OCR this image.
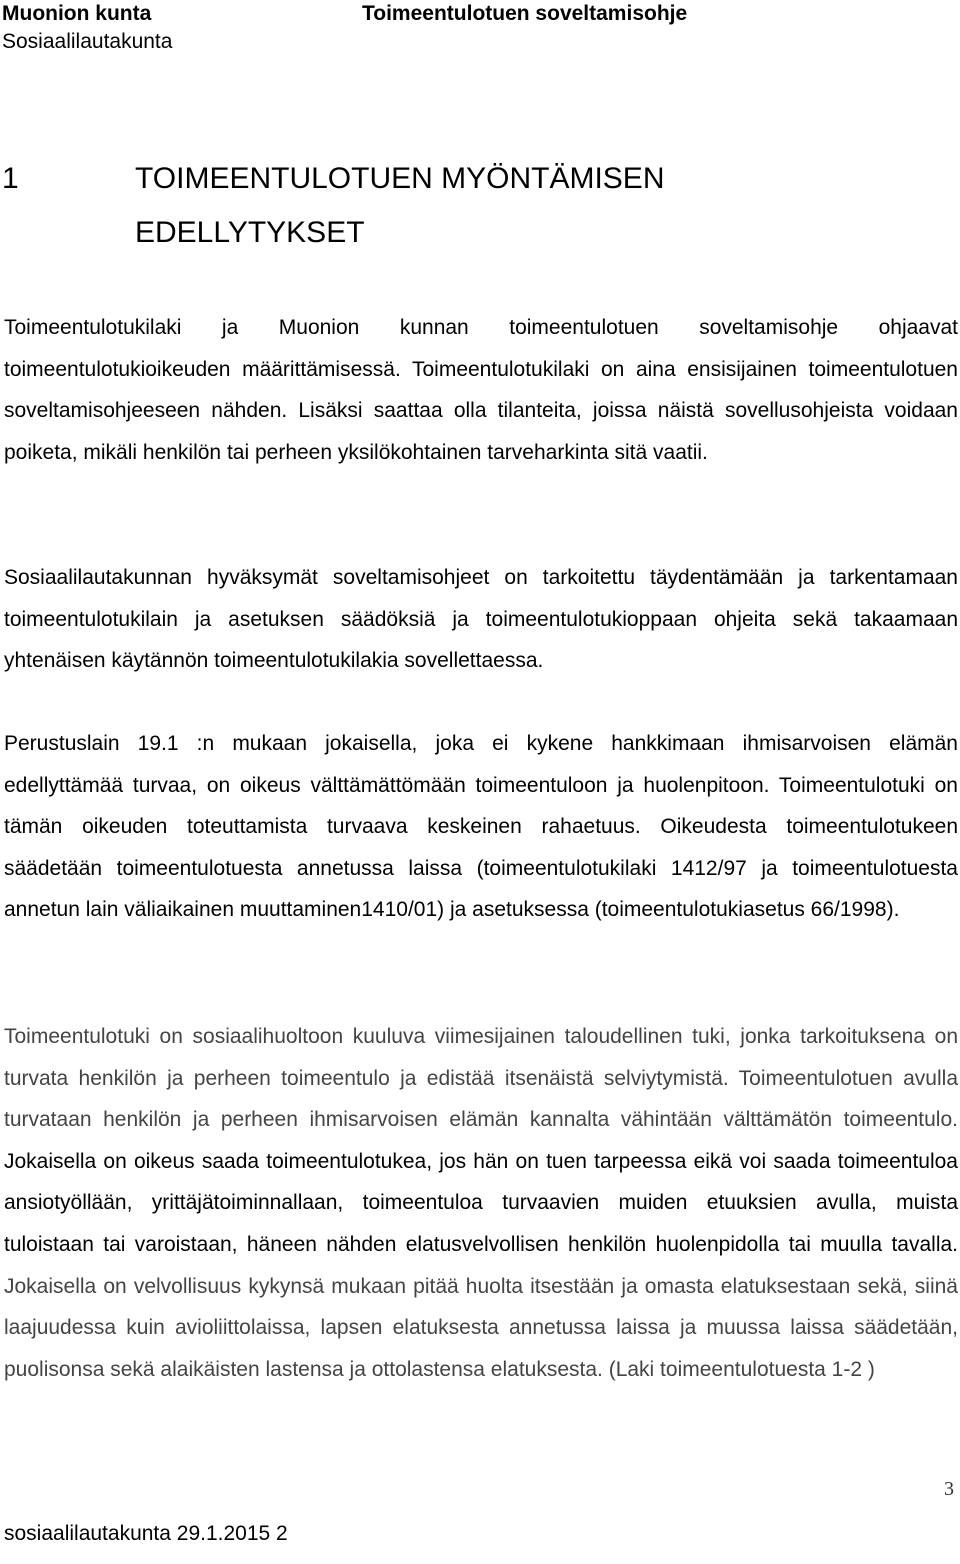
Muonion kunta
Sosiaalilautakunta
Toimeentulotuen soveltamisohje
1	TOIMEENTULOTUEN MYÖNTÄMISEN EDELLYTYKSET

Toimeentulotukilaki ja Muonion kunnan toimeentulotuen soveltamisohje ohjaavat toimeentulotukioikeuden määrittämisessä. Toimeentulotukilaki on aina ensisijainen toimeentulotuen soveltamisohjeeseen nähden. Lisäksi saattaa olla tilanteita, joissa näistä sovellusohjeista voidaan poiketa, mikäli henkilön tai perheen yksilökohtainen tarveharkinta sitä vaatii.

Sosiaalilautakunnan hyväksymät soveltamisohjeet on tarkoitettu täydentämään ja tarkentamaan toimeentulotukilain ja asetuksen säädöksiä ja toimeentulotukioppaan ohjeita sekä takaamaan yhtenäisen käytännön toimeentulotukilakia sovellettaessa.

Perustuslain 19.1 :n mukaan jokaisella, joka ei kykene hankkimaan ihmisarvoisen elämän edellyttämää turvaa, on oikeus välttämättömään toimeentuloon ja huolenpitoon. Toimeentulotuki on tämän oikeuden toteuttamista turvaava keskeinen rahaetuus. Oikeudesta toimeentulotukeen säädetään toimeentulotuesta annetussa laissa (toimeentulotukilaki 1412/97 ja toimeentulotuesta annetun lain väliaikainen muuttaminen1410/01) ja asetuksessa (toimeentulotukiasetus 66/1998).

Toimeentulotuki on sosiaalihuoltoon kuuluva viimesijainen taloudellinen tuki, jonka tarkoituksena on turvata henkilön ja perheen toimeentulo ja edistää itsenäistä selviytymistä. Toimeentulotuen avulla turvataan henkilön ja perheen ihmisarvoisen elämän kannalta vähintään välttämätön toimeentulo. Jokaisella on oikeus saada toimeentulotukea, jos hän on tuen tarpeessa eikä voi saada toimeentuloa ansiotyöllään, yrittäjätoiminnallaan, toimeentuloa turvaavien muiden etuuksien avulla, muista tuloistaan tai varoistaan, häneen nähden elatusvelvollisen henkilön huolenpidolla tai muulla tavalla. Jokaisella on velvollisuus kykynsä mukaan pitää huolta itsestään ja omasta elatuksestaan sekä, siinä laajuudessa kuin avioliittolaissa, lapsen elatuksesta annetussa laissa ja muussa laissa säädetään, puolisonsa sekä alaikäisten lastensa ja ottolastensa elatuksesta. (Laki toimeentulotuesta 1-2 )

sosiaalilautakunta 29.1.2015 2
3
